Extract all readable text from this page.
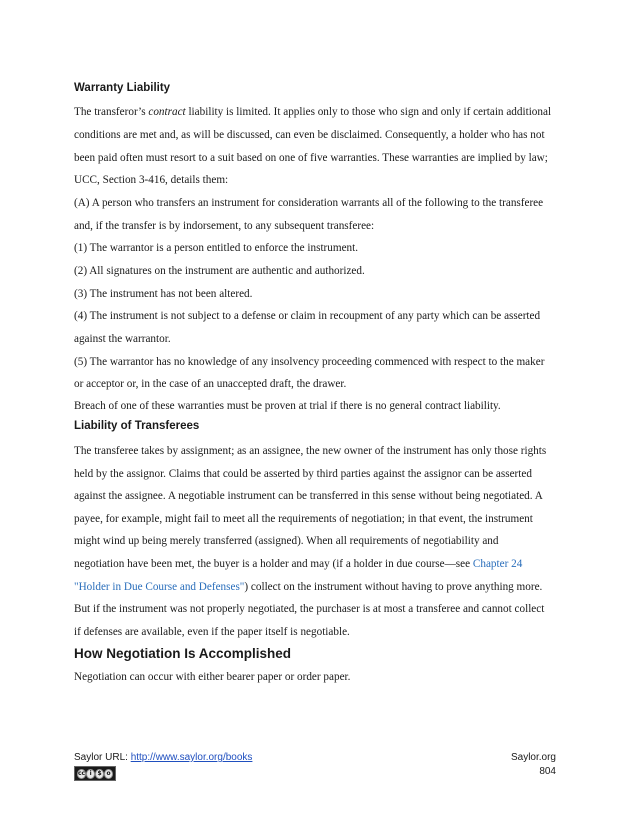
Warranty Liability
The transferor’s contract liability is limited. It applies only to those who sign and only if certain additional
conditions are met and, as will be discussed, can even be disclaimed. Consequently, a holder who has not
been paid often must resort to a suit based on one of five warranties. These warranties are implied by law;
UCC, Section 3-416, details them:
(A) A person who transfers an instrument for consideration warrants all of the following to the transferee
and, if the transfer is by indorsement, to any subsequent transferee:
(1) The warrantor is a person entitled to enforce the instrument.
(2) All signatures on the instrument are authentic and authorized.
(3) The instrument has not been altered.
(4) The instrument is not subject to a defense or claim in recoupment of any party which can be asserted
against the warrantor.
(5) The warrantor has no knowledge of any insolvency proceeding commenced with respect to the maker
or acceptor or, in the case of an unaccepted draft, the drawer.
Breach of one of these warranties must be proven at trial if there is no general contract liability.
Liability of Transferees
The transferee takes by assignment; as an assignee, the new owner of the instrument has only those rights
held by the assignor. Claims that could be asserted by third parties against the assignor can be asserted
against the assignee. A negotiable instrument can be transferred in this sense without being negotiated. A
payee, for example, might fail to meet all the requirements of negotiation; in that event, the instrument
might wind up being merely transferred (assigned). When all requirements of negotiability and
negotiation have been met, the buyer is a holder and may (if a holder in due course—see Chapter 24
"Holder in Due Course and Defenses") collect on the instrument without having to prove anything more.
But if the instrument was not properly negotiated, the purchaser is at most a transferee and cannot collect
if defenses are available, even if the paper itself is negotiable.
How Negotiation Is Accomplished
Negotiation can occur with either bearer paper or order paper.
Saylor URL: http://www.saylor.org/books
cc i $ o
Saylor.org
804
